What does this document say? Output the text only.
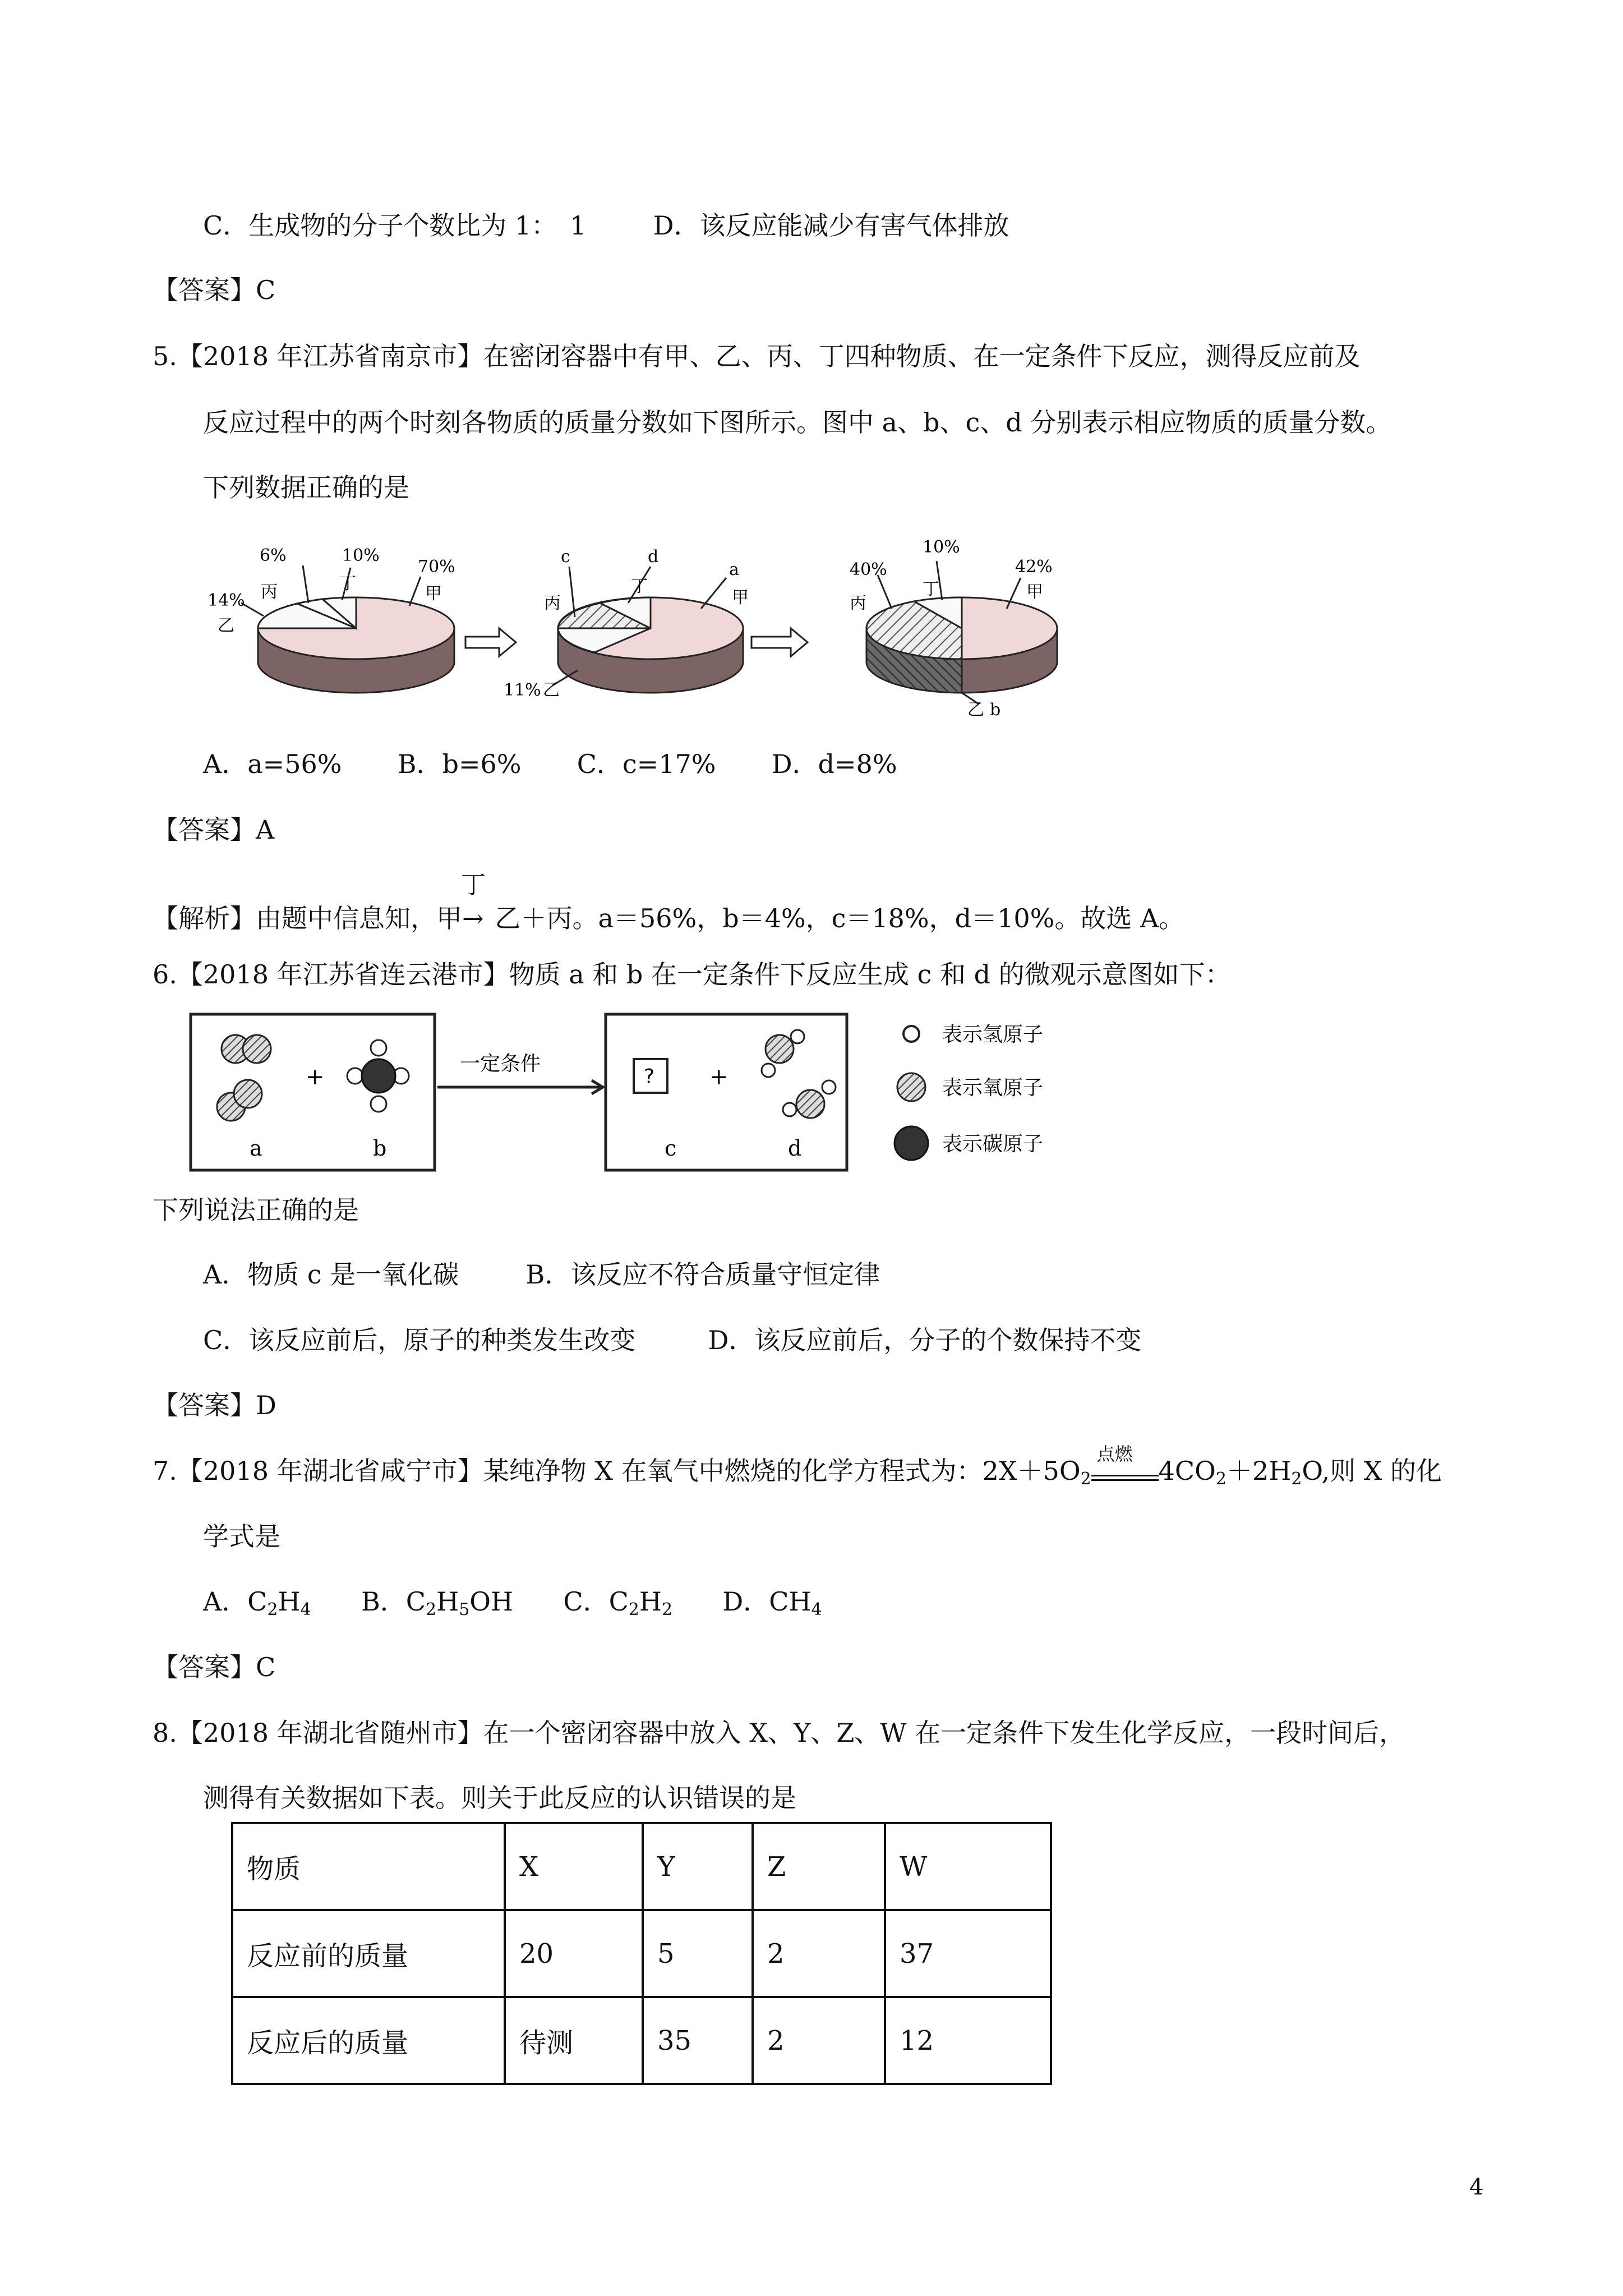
C．生成物的分子个数比为 1：　1	D．该反应能减少有害气体排放
【答案】C
5.【2018 年江苏省南京市】在密闭容器中有甲、乙、丙、丁四种物质、在一定条件下反应，测得反应前及
反应过程中的两个时刻各物质的质量分数如下图所示。图中 a、b、c、d 分别表示相应物质的质量分数。
下列数据正确的是
14%
乙
6%
丙
10%
丁
70%
甲
c	d
a
丙
丁
甲
11% 乙
40%
丙
10%
丁
42%
甲
乙 b
A．a=56% B．b=6% C．c=17% D．d=8%
【答案】A
【解析】由题中信息知，甲
丁
→ 乙＋丙。a＝56%，b＝4%，c＝18%，d＝10%。故选 A。
6.【2018 年江苏省连云港市】物质 a 和 b 在一定条件下反应生成 c 和 d 的微观示意图如下：
+
a	b
一定条件
? +
c	d
表示氢原子
表示氧原子
表示碳原子
下列说法正确的是
A．物质 c 是一氧化碳	B．该反应不符合质量守恒定律
C．该反应前后，原子的种类发生改变	D．该反应前后，分子的个数保持不变
【答案】D
7.【2018 年湖北省咸宁市】某纯净物 X 在氧气中燃烧的化学方程式为：$2X+5O_2$
点燃
$4CO_2+2H_2O$,则 X 的化
学式是
A．$C_2H_4$ B．$C_2H_5OH$ C．$C_2H_2$ D．$CH_4$
【答案】C
8.【2018 年湖北省随州市】在一个密闭容器中放入 X、Y、Z、W 在一定条件下发生化学反应，一段时间后，
测得有关数据如下表。则关于此反应的认识错误的是
物质	X	Y	Z	W
反应前的质量	20	5	2	37
反应后的质量	待测	35	2	12
4
